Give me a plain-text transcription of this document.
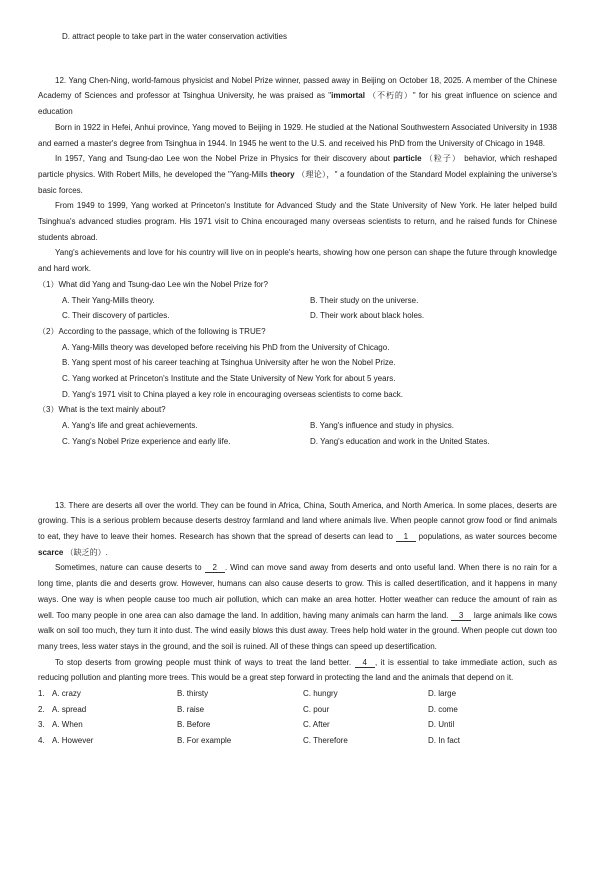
D. attract people to take part in the water conservation activities

12. Yang Chen-Ning, world-famous physicist and Nobel Prize winner, passed away in Beijing on October 18, 2025. A member of the Chinese Academy of Sciences and professor at Tsinghua University, he was praised as "immortal （不朽的）" for his great influence on science and education

Born in 1922 in Hefei, Anhui province, Yang moved to Beijing in 1929. He studied at the National Southwestern Associated University in 1938 and earned a master's degree from Tsinghua in 1944. In 1945 he went to the U.S. and received his PhD from the University of Chicago in 1948.

In 1957, Yang and Tsung-dao Lee won the Nobel Prize in Physics for their discovery about particle （粒子） behavior, which reshaped particle physics. With Robert Mills, he developed the "Yang-Mills theory （理论），" a foundation of the Standard Model explaining the universe's basic forces.

From 1949 to 1999, Yang worked at Princeton's Institute for Advanced Study and the State University of New York. He later helped build Tsinghua's advanced studies program. His 1971 visit to China encouraged many overseas scientists to return, and he raised funds for Chinese students abroad.

Yang's achievements and love for his country will live on in people's hearts, showing how one person can shape the future through knowledge and hard work.

（1）What did Yang and Tsung-dao Lee win the Nobel Prize for?
A. Their Yang-Mills theory.	B. Their study on the universe.
C. Their discovery of particles.	D. Their work about black holes.
（2）According to the passage, which of the following is TRUE?
A. Yang-Mills theory was developed before receiving his PhD from the University of Chicago.
B. Yang spent most of his career teaching at Tsinghua University after he won the Nobel Prize.
C. Yang worked at Princeton's Institute and the State University of New York for about 5 years.
D. Yang's 1971 visit to China played a key role in encouraging overseas scientists to come back.
（3）What is the text mainly about?
A. Yang's life and great achievements.	B. Yang's influence and study in physics.
C. Yang's Nobel Prize experience and early life.	D. Yang's education and work in the United States.

13. There are deserts all over the world. They can be found in Africa, China, South America, and North America. In some places, deserts are growing. This is a serious problem because deserts destroy farmland and land where animals live. When people cannot grow food or find animals to eat, they have to leave their homes. Research has shown that the spread of deserts can lead to 1 populations, as water sources become scarce （缺乏的）.

Sometimes, nature can cause deserts to 2 . Wind can move sand away from deserts and onto useful land. When there is no rain for a long time, plants die and deserts grow. However, humans can also cause deserts to grow. This is called desertification, and it happens in many ways. One way is when people cause too much air pollution, which can make an area hotter. Hotter weather can reduce the amount of rain as well. Too many people in one area can also damage the land. In addition, having many animals can harm the land. 3 large animals like cows walk on soil too much, they turn it into dust. The wind easily blows this dust away. Trees help hold water in the ground. When people cut down too many trees, less water stays in the ground, and the soil is ruined. All of these things can speed up desertification.

To stop deserts from growing people must think of ways to treat the land better. 4 , it is essential to take immediate action, such as reducing pollution and planting more trees. This would be a great step forward in protecting the land and the animals that depend on it.

1. A. crazy	B. thirsty	C. hungry	D. large
2. A. spread	B. raise	C. pour	D. come
3. A. When	B. Before	C. After	D. Until
4. A. However	B. For example	C. Therefore	D. In fact
